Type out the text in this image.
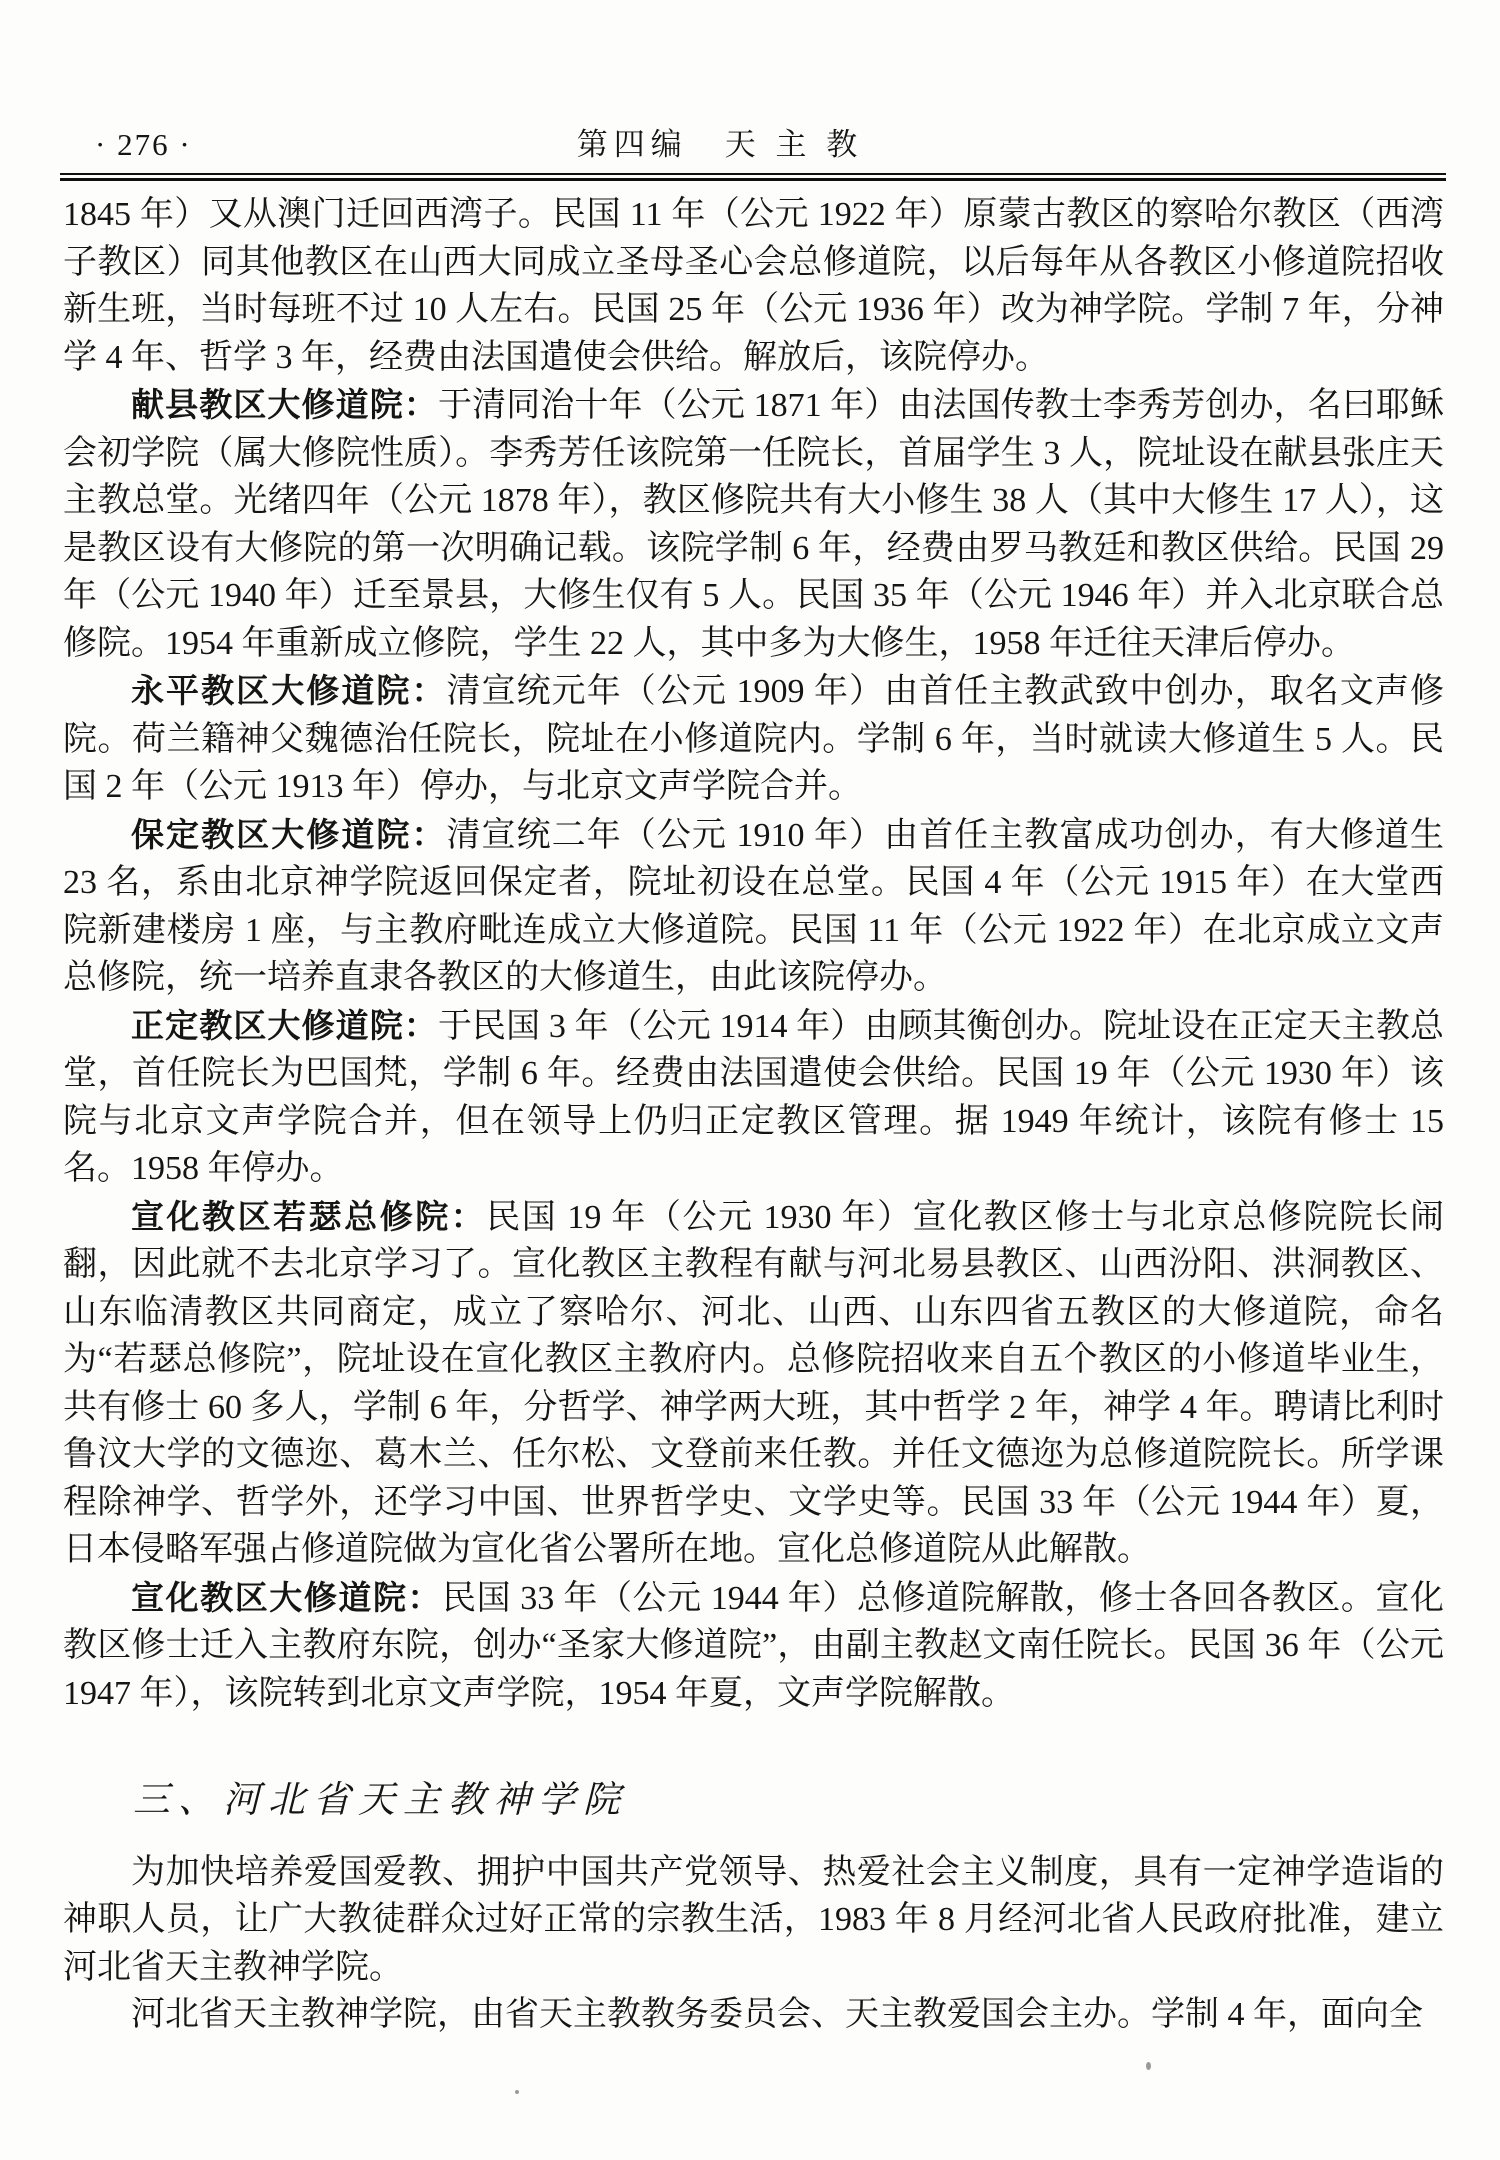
· 276 ·	第四编　天 主 教

1845 年）又从澳门迁回西湾子。民国 11 年（公元 1922 年）原蒙古教区的察哈尔教区（西湾子教区）同其他教区在山西大同成立圣母圣心会总修道院，以后每年从各教区小修道院招收新生班，当时每班不过 10 人左右。民国 25 年（公元 1936 年）改为神学院。学制 7 年，分神学 4 年、哲学 3 年，经费由法国遣使会供给。解放后，该院停办。

献县教区大修道院：于清同治十年（公元 1871 年）由法国传教士李秀芳创办，名曰耶稣会初学院（属大修院性质）。李秀芳任该院第一任院长，首届学生 3 人，院址设在献县张庄天主教总堂。光绪四年（公元 1878 年），教区修院共有大小修生 38 人（其中大修生 17 人），这是教区设有大修院的第一次明确记载。该院学制 6 年，经费由罗马教廷和教区供给。民国 29 年（公元 1940 年）迁至景县，大修生仅有 5 人。民国 35 年（公元 1946 年）并入北京联合总修院。1954 年重新成立修院，学生 22 人，其中多为大修生，1958 年迁往天津后停办。

永平教区大修道院：清宣统元年（公元 1909 年）由首任主教武致中创办，取名文声修院。荷兰籍神父魏德治任院长，院址在小修道院内。学制 6 年，当时就读大修道生 5 人。民国 2 年（公元 1913 年）停办，与北京文声学院合并。

保定教区大修道院：清宣统二年（公元 1910 年）由首任主教富成功创办，有大修道生 23 名，系由北京神学院返回保定者，院址初设在总堂。民国 4 年（公元 1915 年）在大堂西院新建楼房 1 座，与主教府毗连成立大修道院。民国 11 年（公元 1922 年）在北京成立文声总修院，统一培养直隶各教区的大修道生，由此该院停办。

正定教区大修道院：于民国 3 年（公元 1914 年）由顾其衡创办。院址设在正定天主教总堂，首任院长为巴国梵，学制 6 年。经费由法国遣使会供给。民国 19 年（公元 1930 年）该院与北京文声学院合并，但在领导上仍归正定教区管理。据 1949 年统计，该院有修士 15 名。1958 年停办。

宣化教区若瑟总修院：民国 19 年（公元 1930 年）宣化教区修士与北京总修院院长闹翻，因此就不去北京学习了。宣化教区主教程有献与河北易县教区、山西汾阳、洪洞教区、山东临清教区共同商定，成立了察哈尔、河北、山西、山东四省五教区的大修道院，命名为“若瑟总修院”，院址设在宣化教区主教府内。总修院招收来自五个教区的小修道毕业生，共有修士 60 多人，学制 6 年，分哲学、神学两大班，其中哲学 2 年，神学 4 年。聘请比利时鲁汶大学的文德迩、葛木兰、任尔松、文登前来任教。并任文德迩为总修道院院长。所学课程除神学、哲学外，还学习中国、世界哲学史、文学史等。民国 33 年（公元 1944 年）夏，日本侵略军强占修道院做为宣化省公署所在地。宣化总修道院从此解散。

宣化教区大修道院：民国 33 年（公元 1944 年）总修道院解散，修士各回各教区。宣化教区修士迁入主教府东院，创办“圣家大修道院”，由副主教赵文南任院长。民国 36 年（公元 1947 年），该院转到北京文声学院，1954 年夏，文声学院解散。

三、河北省天主教神学院

为加快培养爱国爱教、拥护中国共产党领导、热爱社会主义制度，具有一定神学造诣的神职人员，让广大教徒群众过好正常的宗教生活，1983 年 8 月经河北省人民政府批准，建立河北省天主教神学院。

河北省天主教神学院，由省天主教教务委员会、天主教爱国会主办。学制 4 年，面向全
